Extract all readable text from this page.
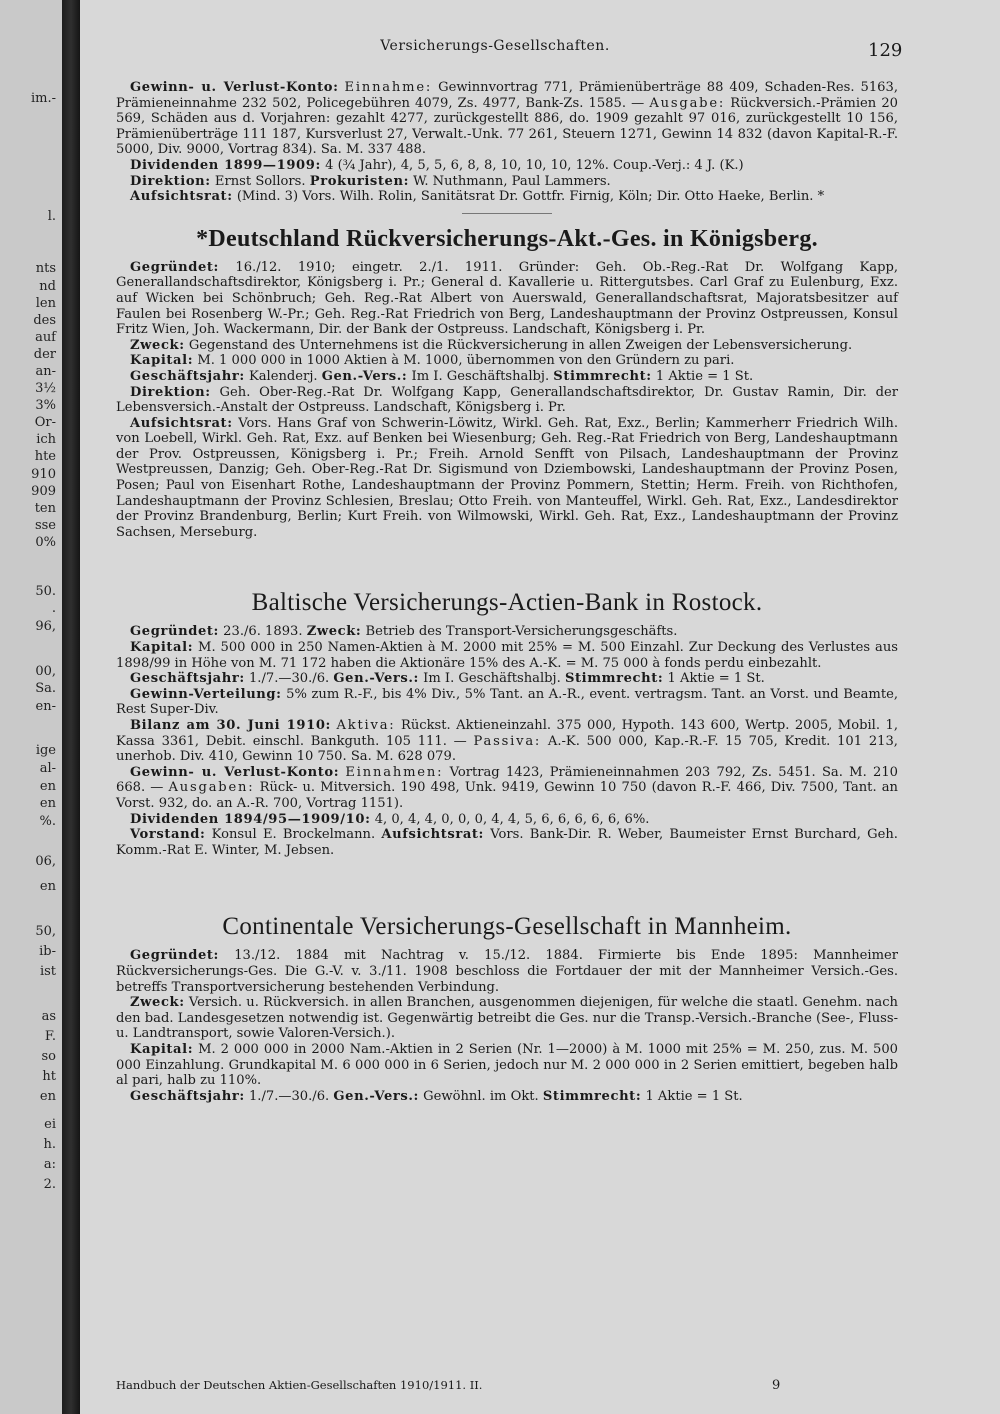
im.-
l.
nts
nd
len
des
auf
der
an-
3½
3%
Or-
ich
hte
910
909
ten
sse
0%
50.
.
96,
00,
Sa.
en-
ige
al-
en
en
%.
06,
en
50,
ib-
ist
as
F.
so
ht
en
ei
h.
a:
2.
Versicherungs-Gesellschaften.	129

Gewinn- u. Verlust-Konto: Einnahme: Gewinnvortrag 771, Prämienüberträge 88 409, Schaden-Res. 5163, Prämieneinnahme 232 502, Policegebühren 4079, Zs. 4977, Bank-Zs. 1585. — Ausgabe: Rückversich.-Prämien 20 569, Schäden aus d. Vorjahren: gezahlt 4277, zurückgestellt 886, do. 1909 gezahlt 97 016, zurückgestellt 10 156, Prämienüberträge 111 187, Kursverlust 27, Verwalt.-Unk. 77 261, Steuern 1271, Gewinn 14 832 (davon Kapital-R.-F. 5000, Div. 9000, Vortrag 834). Sa. M. 337 488.

Dividenden 1899—1909: 4 (¾ Jahr), 4, 5, 5, 6, 8, 8, 10, 10, 10, 12%. Coup.-Verj.: 4 J. (K.)

Direktion: Ernst Sollors. Prokuristen: W. Nuthmann, Paul Lammers.

Aufsichtsrat: (Mind. 3) Vors. Wilh. Rolin, Sanitätsrat Dr. Gottfr. Firnig, Köln; Dir. Otto Haeke, Berlin. *

*Deutschland Rückversicherungs-Akt.-Ges. in Königsberg.

Gegründet: 16./12. 1910; eingetr. 2./1. 1911. Gründer: Geh. Ob.-Reg.-Rat Dr. Wolfgang Kapp, Generallandschaftsdirektor, Königsberg i. Pr.; General d. Kavallerie u. Rittergutsbes. Carl Graf zu Eulenburg, Exz. auf Wicken bei Schönbruch; Geh. Reg.-Rat Albert von Auerswald, Generallandschaftsrat, Majoratsbesitzer auf Faulen bei Rosenberg W.-Pr.; Geh. Reg.-Rat Friedrich von Berg, Landeshauptmann der Provinz Ostpreussen, Konsul Fritz Wien, Joh. Wackermann, Dir. der Bank der Ostpreuss. Landschaft, Königsberg i. Pr.

Zweck: Gegenstand des Unternehmens ist die Rückversicherung in allen Zweigen der Lebensversicherung.

Kapital: M. 1 000 000 in 1000 Aktien à M. 1000, übernommen von den Gründern zu pari.

Geschäftsjahr: Kalenderj. Gen.-Vers.: Im I. Geschäftshalbj. Stimmrecht: 1 Aktie = 1 St.

Direktion: Geh. Ober-Reg.-Rat Dr. Wolfgang Kapp, Generallandschaftsdirektor, Dr. Gustav Ramin, Dir. der Lebensversich.-Anstalt der Ostpreuss. Landschaft, Königsberg i. Pr.

Aufsichtsrat: Vors. Hans Graf von Schwerin-Löwitz, Wirkl. Geh. Rat, Exz., Berlin; Kammerherr Friedrich Wilh. von Loebell, Wirkl. Geh. Rat, Exz. auf Benken bei Wiesenburg; Geh. Reg.-Rat Friedrich von Berg, Landeshauptmann der Prov. Ostpreussen, Königsberg i. Pr.; Freih. Arnold Senfft von Pilsach, Landeshauptmann der Provinz Westpreussen, Danzig; Geh. Ober-Reg.-Rat Dr. Sigismund von Dziembowski, Landeshauptmann der Provinz Posen, Posen; Paul von Eisenhart Rothe, Landeshauptmann der Provinz Pommern, Stettin; Herm. Freih. von Richthofen, Landeshauptmann der Provinz Schlesien, Breslau; Otto Freih. von Manteuffel, Wirkl. Geh. Rat, Exz., Landesdirektor der Provinz Brandenburg, Berlin; Kurt Freih. von Wilmowski, Wirkl. Geh. Rat, Exz., Landeshauptmann der Provinz Sachsen, Merseburg.

Baltische Versicherungs-Actien-Bank in Rostock.

Gegründet: 23./6. 1893. Zweck: Betrieb des Transport-Versicherungsgeschäfts.

Kapital: M. 500 000 in 250 Namen-Aktien à M. 2000 mit 25% = M. 500 Einzahl. Zur Deckung des Verlustes aus 1898/99 in Höhe von M. 71 172 haben die Aktionäre 15% des A.-K. = M. 75 000 à fonds perdu einbezahlt.

Geschäftsjahr: 1./7.—30./6. Gen.-Vers.: Im I. Geschäftshalbj. Stimmrecht: 1 Aktie = 1 St.

Gewinn-Verteilung: 5% zum R.-F., bis 4% Div., 5% Tant. an A.-R., event. vertragsm. Tant. an Vorst. und Beamte, Rest Super-Div.

Bilanz am 30. Juni 1910: Aktiva: Rückst. Aktieneinzahl. 375 000, Hypoth. 143 600, Wertp. 2005, Mobil. 1, Kassa 3361, Debit. einschl. Bankguth. 105 111. — Passiva: A.-K. 500 000, Kap.-R.-F. 15 705, Kredit. 101 213, unerhob. Div. 410, Gewinn 10 750. Sa. M. 628 079.

Gewinn- u. Verlust-Konto: Einnahmen: Vortrag 1423, Prämieneinnahmen 203 792, Zs. 5451. Sa. M. 210 668. — Ausgaben: Rück- u. Mitversich. 190 498, Unk. 9419, Gewinn 10 750 (davon R.-F. 466, Div. 7500, Tant. an Vorst. 932, do. an A.-R. 700, Vortrag 1151).

Dividenden 1894/95—1909/10: 4, 0, 4, 4, 0, 0, 0, 4, 4, 5, 6, 6, 6, 6, 6, 6%.

Vorstand: Konsul E. Brockelmann. Aufsichtsrat: Vors. Bank-Dir. R. Weber, Baumeister Ernst Burchard, Geh. Komm.-Rat E. Winter, M. Jebsen.

Continentale Versicherungs-Gesellschaft in Mannheim.

Gegründet: 13./12. 1884 mit Nachtrag v. 15./12. 1884. Firmierte bis Ende 1895: Mannheimer Rückversicherungs-Ges. Die G.-V. v. 3./11. 1908 beschloss die Fortdauer der mit der Mannheimer Versich.-Ges. betreffs Transportversicherung bestehenden Verbindung.

Zweck: Versich. u. Rückversich. in allen Branchen, ausgenommen diejenigen, für welche die staatl. Genehm. nach den bad. Landesgesetzen notwendig ist. Gegenwärtig betreibt die Ges. nur die Transp.-Versich.-Branche (See-, Fluss- u. Landtransport, sowie Valoren-Versich.).

Kapital: M. 2 000 000 in 2000 Nam.-Aktien in 2 Serien (Nr. 1—2000) à M. 1000 mit 25% = M. 250, zus. M. 500 000 Einzahlung. Grundkapital M. 6 000 000 in 6 Serien, jedoch nur M. 2 000 000 in 2 Serien emittiert, begeben halb al pari, halb zu 110%.

Geschäftsjahr: 1./7.—30./6. Gen.-Vers.: Gewöhnl. im Okt. Stimmrecht: 1 Aktie = 1 St.

Handbuch der Deutschen Aktien-Gesellschaften 1910/1911. II.	9
